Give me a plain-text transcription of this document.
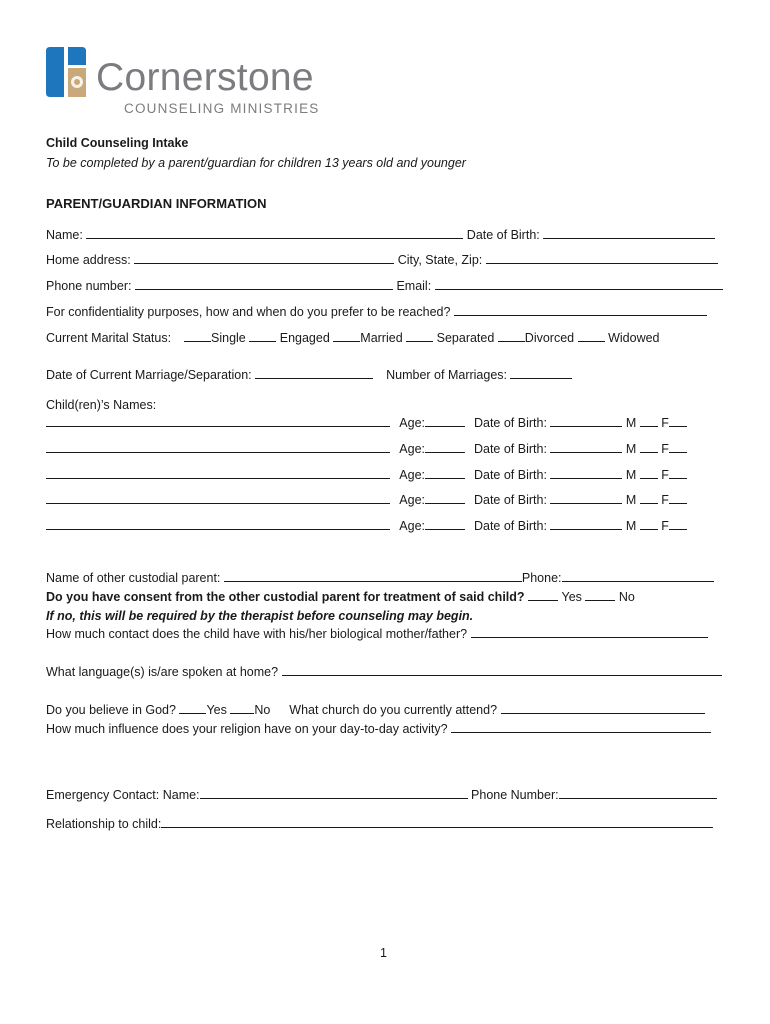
Cornerstone
COUNSELING MINISTRIES
Child Counseling Intake
To be completed by a parent/guardian for children 13 years old and younger
PARENT/GUARDIAN INFORMATION
Name:	Date of Birth:
Home address:	City, State, Zip:
Phone number:	Email:
For confidentiality purposes, how and when do you prefer to be reached?
Current Marital Status:	Single	Engaged Married	Separated Divorced	Widowed
Date of Current Marriage/Separation:	Number of Marriages:
Child(ren)’s Names:
Age:	Date of Birth:	M F
Age:	Date of Birth:	M F
Age:	Date of Birth:	M F
Age:	Date of Birth:	M F
Age:	Date of Birth:	M F
Name of other custodial parent:	Phone:
Do you have consent from the other custodial parent for treatment of said child?	Yes	No
If no, this will be required by the therapist before counseling may begin.
How much contact does the child have with his/her biological mother/father?
What language(s) is/are spoken at home?
Do you believe in God? Yes No What church do you currently attend?
How much influence does your religion have on your day-to-day activity?
Emergency Contact: Name:	Phone Number:
Relationship to child:
1
